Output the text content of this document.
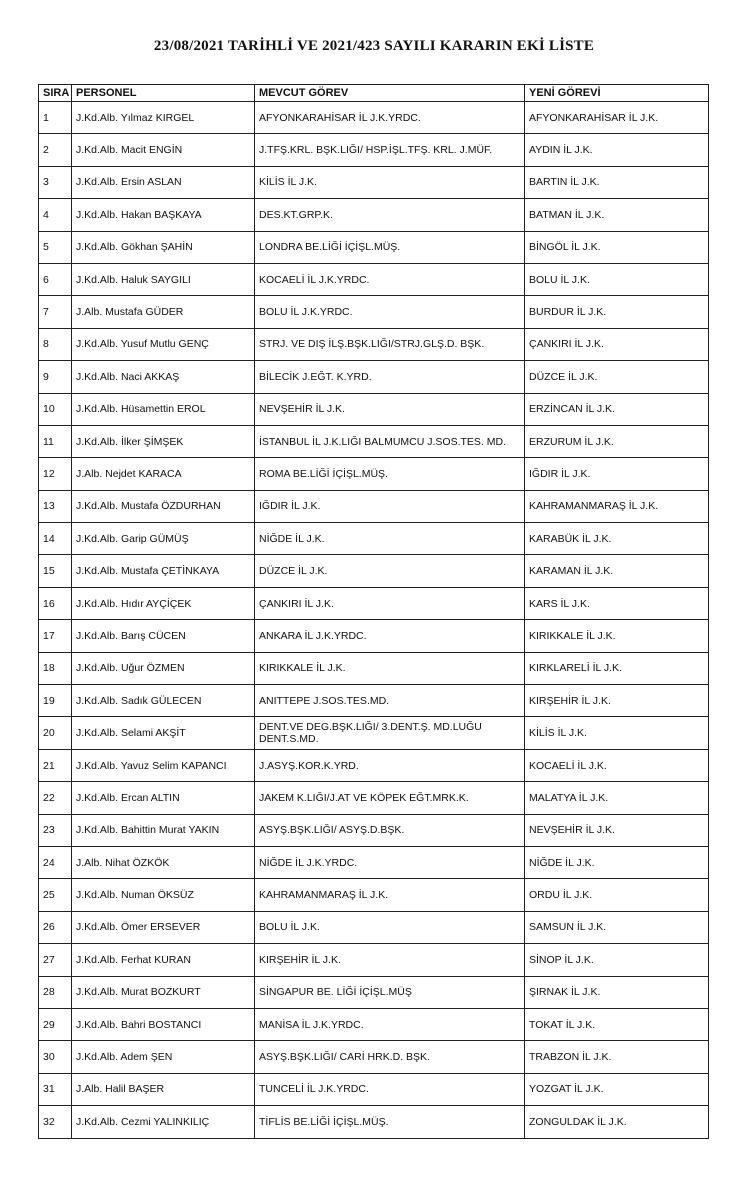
23/08/2021 TARİHLİ VE 2021/423 SAYILI KARARIN EKİ LİSTE
SIRA	PERSONEL	MEVCUT GÖREV	YENİ GÖREVİ
1	J.Kd.Alb. Yılmaz KIRGEL	AFYONKARAHİSAR İL J.K.YRDC.	AFYONKARAHİSAR İL J.K.
2	J.Kd.Alb. Macit ENGİN	J.TFŞ.KRL. BŞK.LIĞI/ HSP.İŞL.TFŞ. KRL. J.MÜF.	AYDIN İL J.K.
3	J.Kd.Alb. Ersin ASLAN	KİLİS İL J.K.	BARTIN İL J.K.
4	J.Kd.Alb. Hakan BAŞKAYA	DES.KT.GRP.K.	BATMAN İL J.K.
5	J.Kd.Alb. Gökhan ŞAHİN	LONDRA BE.LİĞİ İÇİŞL.MÜŞ.	BİNGÖL İL J.K.
6	J.Kd.Alb. Haluk SAYGILI	KOCAELİ İL J.K.YRDC.	BOLU İL J.K.
7	J.Alb. Mustafa GÜDER	BOLU İL J.K.YRDC.	BURDUR İL J.K.
8	J.Kd.Alb. Yusuf Mutlu GENÇ	STRJ. VE DIŞ İLŞ.BŞK.LIĞI/STRJ.GLŞ.D. BŞK.	ÇANKIRI İL J.K.
9	J.Kd.Alb. Naci AKKAŞ	BİLECİK J.EĞT. K.YRD.	DÜZCE İL J.K.
10	J.Kd.Alb. Hüsamettin EROL	NEVŞEHİR İL J.K.	ERZİNCAN İL J.K.
11	J.Kd.Alb. İlker ŞİMŞEK	İSTANBUL İL J.K.LIĞI BALMUMCU J.SOS.TES. MD.	ERZURUM İL J.K.
12	J.Alb. Nejdet KARACA	ROMA BE.LİĞİ İÇİŞL.MÜŞ.	IĞDIR İL J.K.
13	J.Kd.Alb. Mustafa ÖZDURHAN	IĞDIR İL J.K.	KAHRAMANMARAŞ İL J.K.
14	J.Kd.Alb. Garip GÜMÜŞ	NİĞDE İL J.K.	KARABÜK İL J.K.
15	J.Kd.Alb. Mustafa ÇETİNKAYA	DÜZCE İL J.K.	KARAMAN İL J.K.
16	J.Kd.Alb. Hıdır AYÇİÇEK	ÇANKIRI İL J.K.	KARS İL J.K.
17	J.Kd.Alb. Barış CÜCEN	ANKARA İL J.K.YRDC.	KIRIKKALE İL J.K.
18	J.Kd.Alb. Uğur ÖZMEN	KIRIKKALE İL J.K.	KIRKLARELİ İL J.K.
19	J.Kd.Alb. Sadık GÜLECEN	ANITTEPE J.SOS.TES.MD.	KIRŞEHİR İL J.K.
20	J.Kd.Alb. Selami AKŞİT	DENT.VE DEG.BŞK.LIĞI/ 3.DENT.Ş. MD.LUĞU DENT.S.MD.	KİLİS İL J.K.
21	J.Kd.Alb. Yavuz Selim KAPANCI	J.ASYŞ.KOR.K.YRD.	KOCAELİ İL J.K.
22	J.Kd.Alb. Ercan ALTIN	JAKEM K.LIĞI/J.AT VE KÖPEK EĞT.MRK.K.	MALATYA İL J.K.
23	J.Kd.Alb. Bahittin Murat YAKIN	ASYŞ.BŞK.LIĞI/ ASYŞ.D.BŞK.	NEVŞEHİR İL J.K.
24	J.Alb. Nihat ÖZKÖK	NİĞDE İL J.K.YRDC.	NİĞDE İL J.K.
25	J.Kd.Alb. Numan ÖKSÜZ	KAHRAMANMARAŞ İL J.K.	ORDU İL J.K.
26	J.Kd.Alb. Ömer ERSEVER	BOLU İL J.K.	SAMSUN İL J.K.
27	J.Kd.Alb. Ferhat KURAN	KIRŞEHİR İL J.K.	SİNOP İL J.K.
28	J.Kd.Alb. Murat BOZKURT	SİNGAPUR BE. LİĞİ İÇİŞL.MÜŞ	ŞIRNAK İL J.K.
29	J.Kd.Alb. Bahri BOSTANCI	MANİSA İL J.K.YRDC.	TOKAT İL J.K.
30	J.Kd.Alb. Adem ŞEN	ASYŞ.BŞK.LIĞI/ CARİ HRK.D. BŞK.	TRABZON İL J.K.
31	J.Alb. Halil BAŞER	TUNCELİ İL J.K.YRDC.	YOZGAT İL J.K.
32	J.Kd.Alb. Cezmi YALINKILIÇ	TİFLİS BE.LİĞİ İÇİŞL.MÜŞ.	ZONGULDAK İL J.K.
